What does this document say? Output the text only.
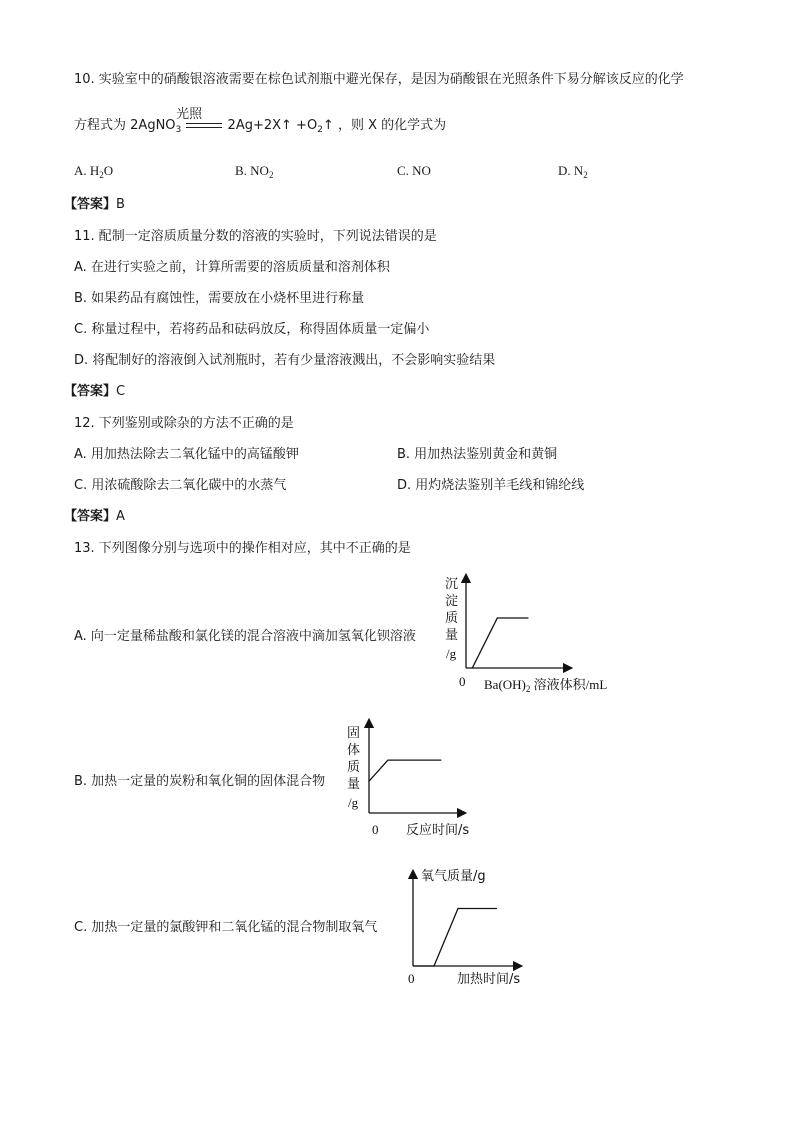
10. 实验室中的硝酸银溶液需要在棕色试剂瓶中避光保存，是因为硝酸银在光照条件下易分解该反应的化学
方程式为 2AgNO$_3$
光照
2Ag+2X↑ $+O_2↑$ ，则 X 的化学式为
A. $H_2O$	B. $NO_2$	C. NO	D. $N_2$
【答案】B
11. 配制一定溶质质量分数的溶液的实验时，下列说法错误的是
A. 在进行实验之前，计算所需要的溶质质量和溶剂体积
B. 如果药品有腐蚀性，需要放在小烧杯里进行称量
C. 称量过程中，若将药品和砝码放反，称得固体质量一定偏小
D. 将配制好的溶液倒入试剂瓶时，若有少量溶液溅出，不会影响实验结果
【答案】C
12. 下列鉴别或除杂的方法不正确的是
A. 用加热法除去二氧化锰中的高锰酸钾	B. 用加热法鉴别黄金和黄铜
C. 用浓硫酸除去二氧化碳中的水蒸气	D. 用灼烧法鉴别羊毛线和锦纶线
【答案】A
13. 下列图像分别与选项中的操作相对应，其中不正确的是
A. 向一定量稀盐酸和氯化镁的混合溶液中滴加氢氧化钡溶液
B. 加热一定量的炭粉和氧化铜的固体混合物
C. 加热一定量的氯酸钾和二氧化锰的混合物制取氧气
沉
淀
质
量
/g
0 $Ba(OH)_2$ 溶液体积/mL
固
体
质
量
/g
0 反应时间/s
氧气质量/g
0	加热时间/s
